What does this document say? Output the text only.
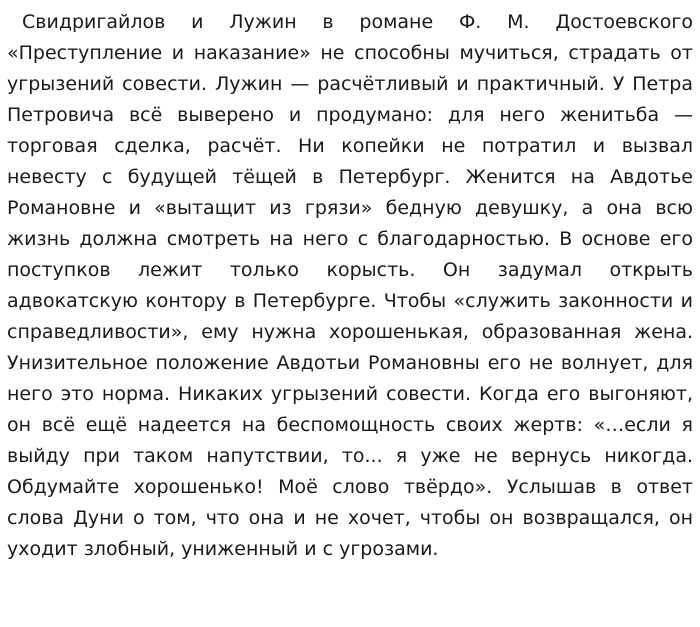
Свидригайлов и Лужин в романе Ф. М. Достоевского «Преступление и наказание» не способны мучиться, страдать от угрызений совести. Лужин — расчётливый и практичный. У Петра Петровича всё выверено и продумано: для него женитьба — торговая сделка, расчёт. Ни копейки не потратил и вызвал невесту с будущей тёщей в Петербург. Женится на Авдотье Романовне и «вытащит из грязи» бедную девушку, а она всю жизнь должна смотреть на него с благодарностью. В основе его поступков лежит только корысть. Он задумал открыть адвокатскую контору в Петербурге. Чтобы «служить законности и справедливости», ему нужна хорошенькая, образованная жена. Унизительное положение Авдотьи Романовны его не волнует, для него это норма. Никаких угрызений совести. Когда его выгоняют, он всё ещё надеется на беспомощность своих жертв: «…если я выйду при таком напутствии, то... я уже не вернусь никогда. Обдумайте хорошенько! Моё слово твёрдо». Услышав в ответ слова Дуни о том, что она и не хочет, чтобы он возвращался, он уходит злобный, униженный и с угрозами.
